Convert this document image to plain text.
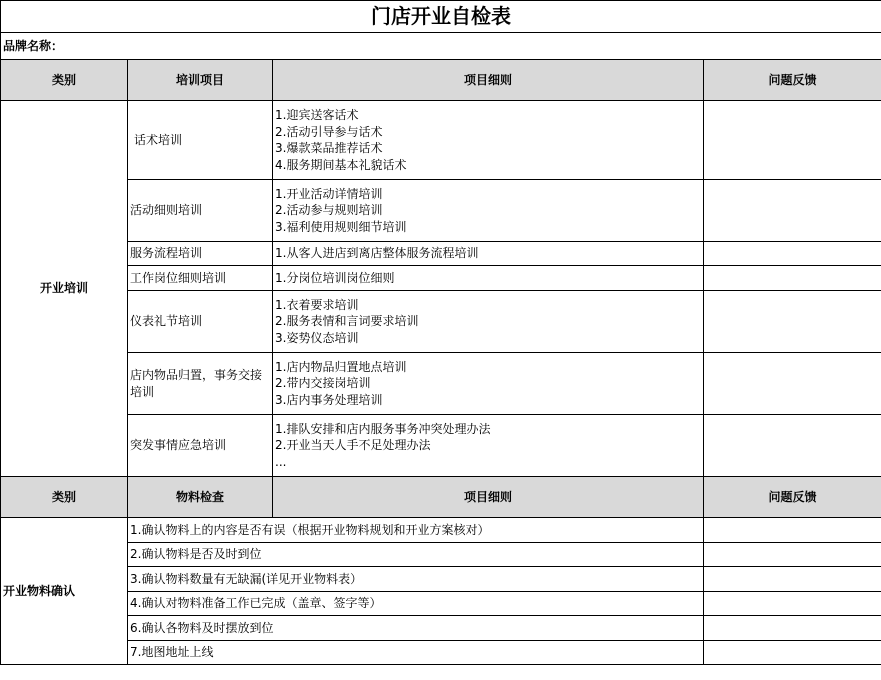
门店开业自检表			
品牌名称：			
类别	培训项目	项目细则	问题反馈
开业培训	话术培训	1.迎宾送客话术
2.活动引导参与话术
3.爆款菜品推荐话术
4.服务期间基本礼貌话术	

	活动细则培训	1.开业活动详情培训
2.活动参与规则培训
3.福利使用规则细节培训	

	服务流程培训	1.从客人进店到离店整体服务流程培训	

	工作岗位细则培训	1.分岗位培训岗位细则	

	仪表礼节培训	1.衣着要求培训
2.服务表情和言词要求培训
3.姿势仪态培训	

	店内物品归置，事务交接培训	1.店内物品归置地点培训
2.带内交接岗培训
3.店内事务处理培训	

	突发事情应急培训	1.排队安排和店内服务事务冲突处理办法
2.开业当天人手不足处理办法
...	

类别	物料检查	项目细则	问题反馈
开业物料确认	1.确认物料上的内容是否有误（根据开业物料规划和开业方案核对）		
	2.确认物料是否及时到位		
	3.确认物料数量有无缺漏(详见开业物料表）		
	4.确认对物料准备工作已完成（盖章、签字等）		
	6.确认各物料及时摆放到位		
	7.地图地址上线		
